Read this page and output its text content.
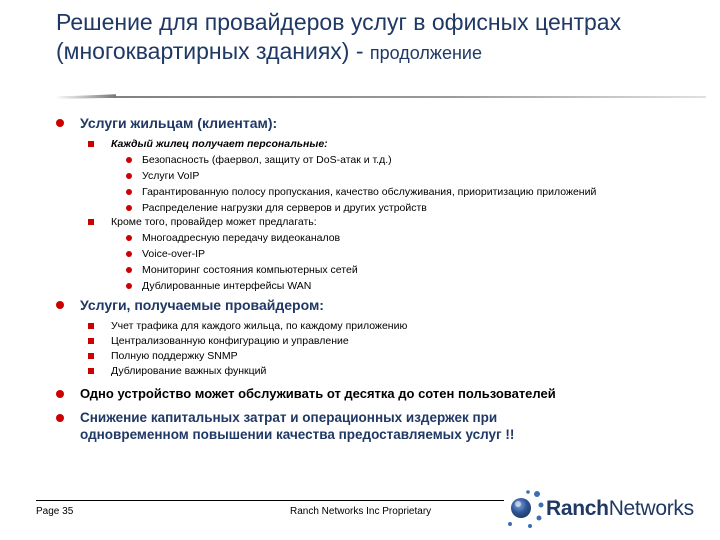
Решение для провайдеров услуг в офисных центрах
(многоквартирных зданиях) - продолжение
Услуги жильцам (клиентам):
Каждый жилец получает персональные:
Безопасность (фаервол, защиту от DoS-атак и т.д.)
Услуги VoIP
Гарантированную полосу пропускания, качество обслуживания, приоритизацию приложений
Распределение нагрузки для серверов и других устройств
Кроме того, провайдер может предлагать:
Многоадресную передачу видеоканалов
Voice-over-IP
Мониторинг состояния компьютерных сетей
Дублированные интерфейсы WAN
Услуги, получаемые провайдером:
Учет трафика для каждого жильца, по каждому приложению
Централизованную конфигурацию и управление
Полную поддержку SNMP
Дублирование важных функций
Одно устройство может обслуживать от десятка до сотен пользователей
Снижение капитальных затрат и операционных издержек при
одновременном повышении качества предоставляемых услуг !!
Page 35	Ranch Networks Inc Proprietary	RanchNetworks
